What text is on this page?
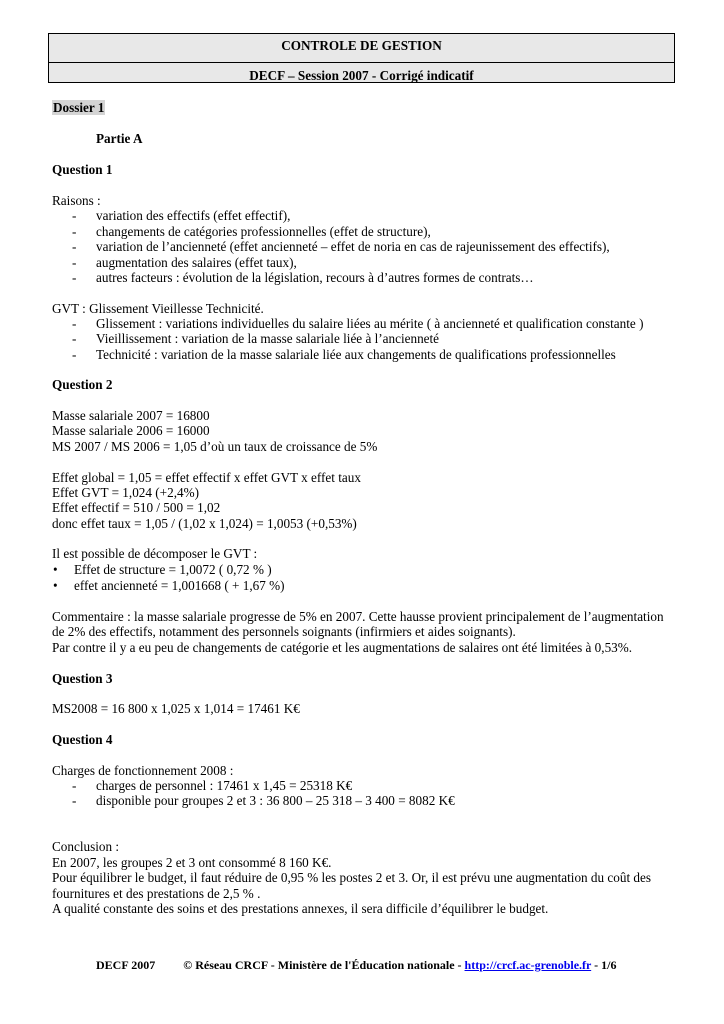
CONTROLE DE GESTION
DECF – Session 2007 - Corrigé indicatif
Dossier 1
Partie A
Question 1
Raisons :
- variation des effectifs (effet effectif),
- changements de catégories professionnelles (effet de structure),
- variation de l’ancienneté (effet ancienneté – effet de noria en cas de rajeunissement des effectifs),
- augmentation des salaires (effet taux),
- autres facteurs : évolution de la législation, recours à d’autres formes de contrats…
GVT : Glissement Vieillesse Technicité.
- Glissement : variations individuelles du salaire liées au mérite ( à ancienneté et qualification constante )
- Vieillissement : variation de la masse salariale liée à l’ancienneté
- Technicité : variation de la masse salariale liée aux changements de qualifications professionnelles
Question 2
Masse salariale 2007 = 16800
Masse salariale 2006 = 16000
MS 2007 / MS 2006 = 1,05 d’où un taux de croissance de 5%
Effet global = 1,05 = effet effectif x effet GVT x effet taux
Effet GVT = 1,024 (+2,4%)
Effet effectif = 510 / 500 = 1,02
donc effet taux = 1,05 / (1,02 x 1,024) = 1,0053 (+0,53%)
Il est possible de décomposer le GVT :
• Effet de structure = 1,0072 ( 0,72 % )
• effet ancienneté = 1,001668 ( + 1,67 %)
Commentaire : la masse salariale progresse de 5% en 2007. Cette hausse provient principalement de l’augmentation
de 2% des effectifs, notamment des personnels soignants (infirmiers et aides soignants).
Par contre il y a eu peu de changements de catégorie et les augmentations de salaires ont été limitées à 0,53%.
Question 3
MS2008 = 16 800 x 1,025 x 1,014 = 17461 K€
Question 4
Charges de fonctionnement 2008 :
- charges de personnel : 17461 x 1,45 = 25318 K€
- disponible pour groupes 2 et 3 : 36 800 – 25 318 – 3 400 = 8082 K€
Conclusion :
En 2007, les groupes 2 et 3 ont consommé 8 160 K€.
Pour équilibrer le budget, il faut réduire de 0,95 % les postes 2 et 3. Or, il est prévu une augmentation du coût des
fournitures et des prestations de 2,5 % .
A qualité constante des soins et des prestations annexes, il sera difficile d’équilibrer le budget.
DECF 2007 © Réseau CRCF - Ministère de l'Éducation nationale - http://crcf.ac-grenoble.fr - 1/6
